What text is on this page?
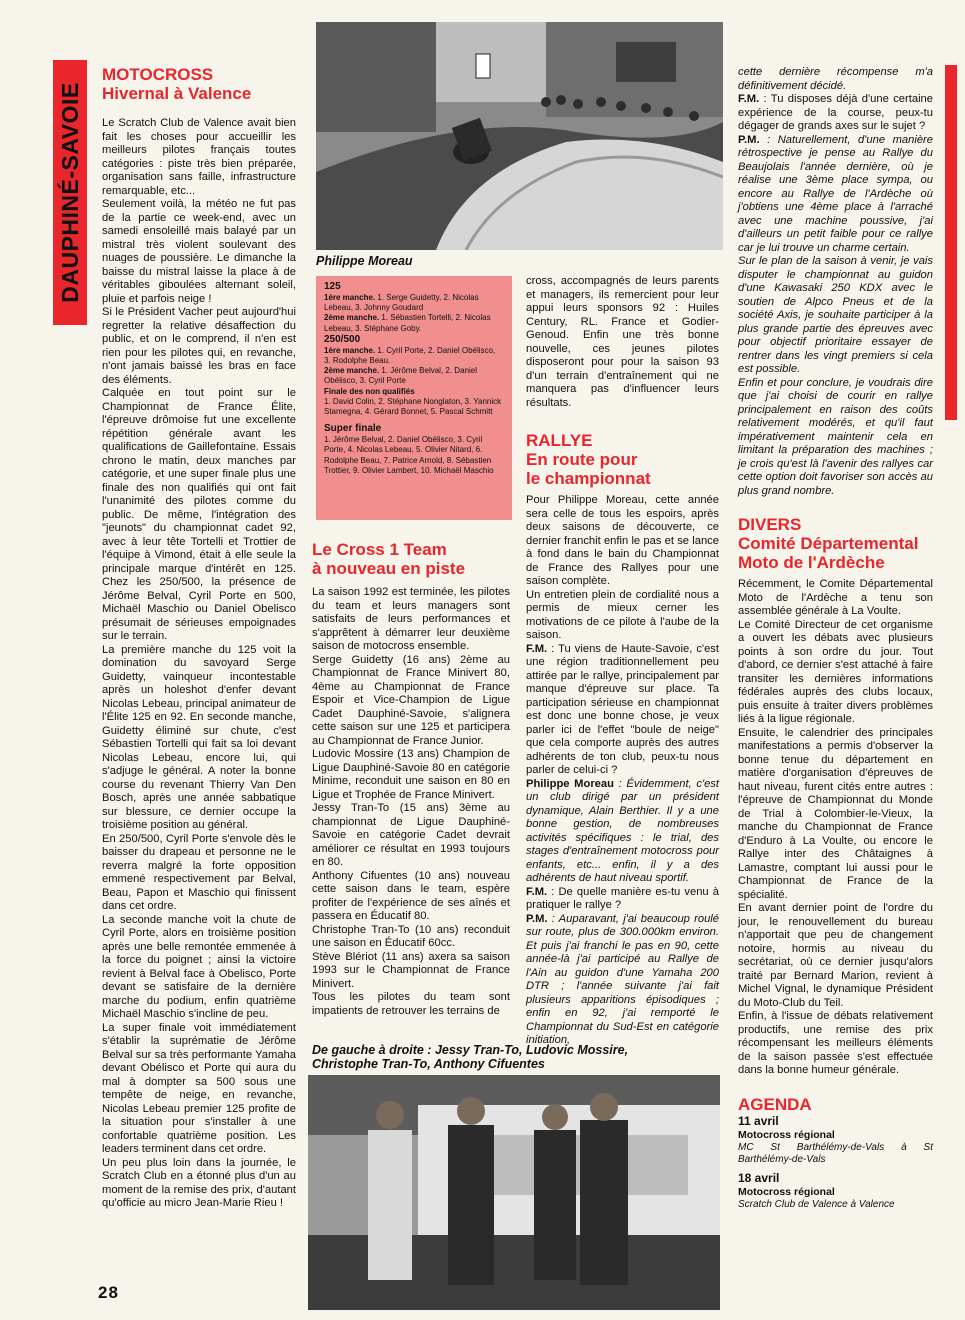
DAUPHINÉ-SAVOIE
MOTOCROSS
Hivernal à Valence

Le Scratch Club de Valence avait bien fait les choses pour accueillir les meilleurs pilotes français toutes catégories : piste très bien préparée, organisation sans faille, infrastructure remarquable, etc...

Seulement voilà, la météo ne fut pas de la partie ce week-end, avec un samedi ensoleillé mais balayé par un mistral très violent soulevant des nuages de poussière. Le dimanche la baisse du mistral laisse la place à de véritables giboulées alternant soleil, pluie et parfois neige !

Si le Président Vacher peut aujourd'hui regretter la relative désaffection du public, et on le comprend, il n'en est rien pour les pilotes qui, en revanche, n'ont jamais baissé les bras en face des éléments.

Calquée en tout point sur le Championnat de France Élite, l'épreuve drômoise fut une excellente répétition générale avant les qualifications de Gaillefontaine. Essais chrono le matin, deux manches par catégorie, et une super finale plus une finale des non qualifiés qui ont fait l'unanimité des pilotes comme du public. De même, l'intégration des "jeunots" du championnat cadet 92, avec à leur tête Tortelli et Trottier de l'équipe à Vimond, était à elle seule la principale marque d'intérêt en 125. Chez les 250/500, la présence de Jérôme Belval, Cyril Porte en 500, Michaël Maschio ou Daniel Obelisco présumait de sérieuses empoignades sur le terrain.

La première manche du 125 voit la domination du savoyard Serge Guidetty, vainqueur incontestable après un holeshot d'enfer devant Nicolas Lebeau, principal animateur de l'Élite 125 en 92. En seconde manche, Guidetty éliminé sur chute, c'est Sébastien Tortelli qui fait sa loi devant Nicolas Lebeau, encore lui, qui s'adjuge le général. A noter la bonne course du revenant Thierry Van Den Bosch, après une année sabbatique sur blessure, ce dernier occupe la troisième position au général.

En 250/500, Cyril Porte s'envole dès le baisser du drapeau et personne ne le reverra malgré la forte opposition emmené respectivement par Belval, Beau, Papon et Maschio qui finissent dans cet ordre.

La seconde manche voit la chute de Cyril Porte, alors en troisième position après une belle remontée emmenée à la force du poignet ; ainsi la victoire revient à Belval face à Obelisco, Porte devant se satisfaire de la dernière marche du podium, enfin quatrième Michaël Maschio s'incline de peu.

La super finale voit immédiatement s'établir la suprématie de Jérôme Belval sur sa très performante Yamaha devant Obélisco et Porte qui aura du mal à dompter sa 500 sous une tempête de neige, en revanche, Nicolas Lebeau premier 125 profite de la situation pour s'installer à une confortable quatrième position. Les leaders terminent dans cet ordre.

Un peu plus loin dans la journée, le Scratch Club en a étonné plus d'un au moment de la remise des prix, d'autant qu'officie au micro Jean-Marie Rieu !

Philippe Moreau
125
1ère manche. 1. Serge Guidetty, 2. Nicolas Lebeau, 3. Johnny Goudard
2ème manche. 1. Sébastien Tortelli, 2. Nicolas Lebeau, 3. Stéphane Goby.
250/500
1ère manche. 1. Cyril Porte, 2. Daniel Obélisco, 3. Rodolphe Beau.
2ème manche. 1. Jérôme Belval, 2. Daniel Obélisco, 3. Cyril Porte
Finale des non qualifiés
1. David Colin, 2. Stéphane Nonglaton, 3. Yannick Stamegna, 4. Gérard Bonnet, 5. Pascal Schmitt
Super finale
1. Jérôme Belval, 2. Daniel Obélisco, 3. Cyril Porte, 4. Nicolas Lebeau, 5. Olivier Nitard, 6. Rodolphe Beau, 7. Patrice Arnold, 8. Sébastien Trottier, 9. Olivier Lambert, 10. Michaël Maschio
Le Cross 1 Team
à nouveau en piste

La saison 1992 est terminée, les pilotes du team et leurs managers sont satisfaits de leurs performances et s'apprêtent à démarrer leur deuxième saison de motocross ensemble.

Serge Guidetty (16 ans) 2ème au Championnat de France Minivert 80, 4ème au Championnat de France Espoir et Vice-Champion de Ligue Cadet Dauphiné-Savoie, s'alignera cette saison sur une 125 et participera au Championnat de France Junior.

Ludovic Mossire (13 ans) Champion de Ligue Dauphiné-Savoie 80 en catégorie Minime, reconduit une saison en 80 en Ligue et Trophée de France Minivert.

Jessy Tran-To (15 ans) 3ème au championnat de Ligue Dauphiné-Savoie en catégorie Cadet devrait améliorer ce résultat en 1993 toujours en 80.

Anthony Cifuentes (10 ans) nouveau cette saison dans le team, espère profiter de l'expérience de ses aînés et passera en Éducatif 80.

Christophe Tran-To (10 ans) reconduit une saison en Éducatif 60cc.

Stève Blériot (11 ans) axera sa saison 1993 sur le Championnat de France Minivert.

Tous les pilotes du team sont impatients de retrouver les terrains de

cross, accompagnés de leurs parents et managers, ils remercient pour leur appui leurs sponsors 92 : Huiles Century, RL. France et Godier-Genoud. Enfin une très bonne nouvelle, ces jeunes pilotes disposeront pour pour la saison 93 d'un terrain d'entraînement qui ne manquera pas d'influencer leurs résultats.

RALLYE
En route pour
le championnat

Pour Philippe Moreau, cette année sera celle de tous les espoirs, après deux saisons de découverte, ce dernier franchit enfin le pas et se lance à fond dans le bain du Championnat de France des Rallyes pour une saison complète.

Un entretien plein de cordialité nous a permis de mieux cerner les motivations de ce pilote à l'aube de la saison.

F.M. : Tu viens de Haute-Savoie, c'est une région traditionnellement peu attirée par le rallye, principalement par manque d'épreuve sur place. Ta participation sérieuse en championnat est donc une bonne chose, je veux parler ici de l'effet "boule de neige" que cela comporte auprès des autres adhérents de ton club, peux-tu nous parler de celui-ci ?

Philippe Moreau : Évidemment, c'est un club dirigé par un président dynamique, Alain Berthier. Il y a une bonne gestion, de nombreuses activités spécifiques : le trial, des stages d'entraînement motocross pour enfants, etc... enfin, il y a des adhérents de haut niveau sportif.

F.M. : De quelle manière es-tu venu à pratiquer le rallye ?

P.M. : Auparavant, j'ai beaucoup roulé sur route, plus de 300.000km environ. Et puis j'ai franchi le pas en 90, cette année-là j'ai participé au Rallye de l'Ain au guidon d'une Yamaha 200 DTR ; l'année suivante j'ai fait plusieurs apparitions épisodiques ; enfin en 92, j'ai remporté le Championnat du Sud-Est en catégorie initiation,

cette dernière récompense m'a définitivement décidé.

F.M. : Tu disposes déjà d'une certaine expérience de la course, peux-tu dégager de grands axes sur le sujet ?

P.M. : Naturellement, d'une manière rétrospective je pense au Rallye du Beaujolais l'année dernière, où je réalise une 3ème place sympa, ou encore au Rallye de l'Ardèche où j'obtiens une 4ème place à l'arraché avec une machine poussive, j'ai d'ailleurs un petit faible pour ce rallye car je lui trouve un charme certain.

Sur le plan de la saison à venir, je vais disputer le championnat au guidon d'une Kawasaki 250 KDX avec le soutien de Alpco Pneus et de la société Axis, je souhaite participer à la plus grande partie des épreuves avec pour objectif prioritaire essayer de rentrer dans les vingt premiers si cela est possible.

Enfin et pour conclure, je voudrais dire que j'ai choisi de courir en rallye principalement en raison des coûts relativement modérés, et qu'il faut impérativement maintenir cela en limitant la préparation des machines ; je crois qu'est là l'avenir des rallyes car cette option doit favoriser son accès au plus grand nombre.

DIVERS
Comité Départemental
Moto de l'Ardèche

Récemment, le Comite Départemental Moto de l'Ardèche a tenu son assemblée générale à La Voulte.

Le Comité Directeur de cet organisme a ouvert les débats avec plusieurs points à son ordre du jour. Tout d'abord, ce dernier s'est attaché à faire transiter les dernières informations fédérales auprès des clubs locaux, puis ensuite à traiter divers problèmes liés à la ligue régionale.

Ensuite, le calendrier des principales manifestations a permis d'observer la bonne tenue du département en matière d'organisation d'épreuves de haut niveau, furent cités entre autres : l'épreuve de Championnat du Monde de Trial à Colombier-le-Vieux, la manche du Championnat de France d'Enduro à La Voulte, ou encore le Rallye inter des Châtaignes à Lamastre, comptant lui aussi pour le Championnat de France de la spécialité.

En avant dernier point de l'ordre du jour, le renouvellement du bureau n'apportait que peu de changement notoire, hormis au niveau du secrétariat, où ce dernier jusqu'alors traité par Bernard Marion, revient à Michel Vignal, le dynamique Président du Moto-Club du Teil.

Enfin, à l'issue de débats relativement productifs, une remise des prix récompensant les meilleurs éléments de la saison passée s'est effectuée dans la bonne humeur générale.

AGENDA
11 avril
Motocross régional
MC St Barthélémy-de-Vals à St Barthélémy-de-Vals
18 avril
Motocross régional
Scratch Club de Valence à Valence
De gauche à droite : Jessy Tran-To, Ludovic Mossire,
Christophe Tran-To, Anthony Cifuentes
28
